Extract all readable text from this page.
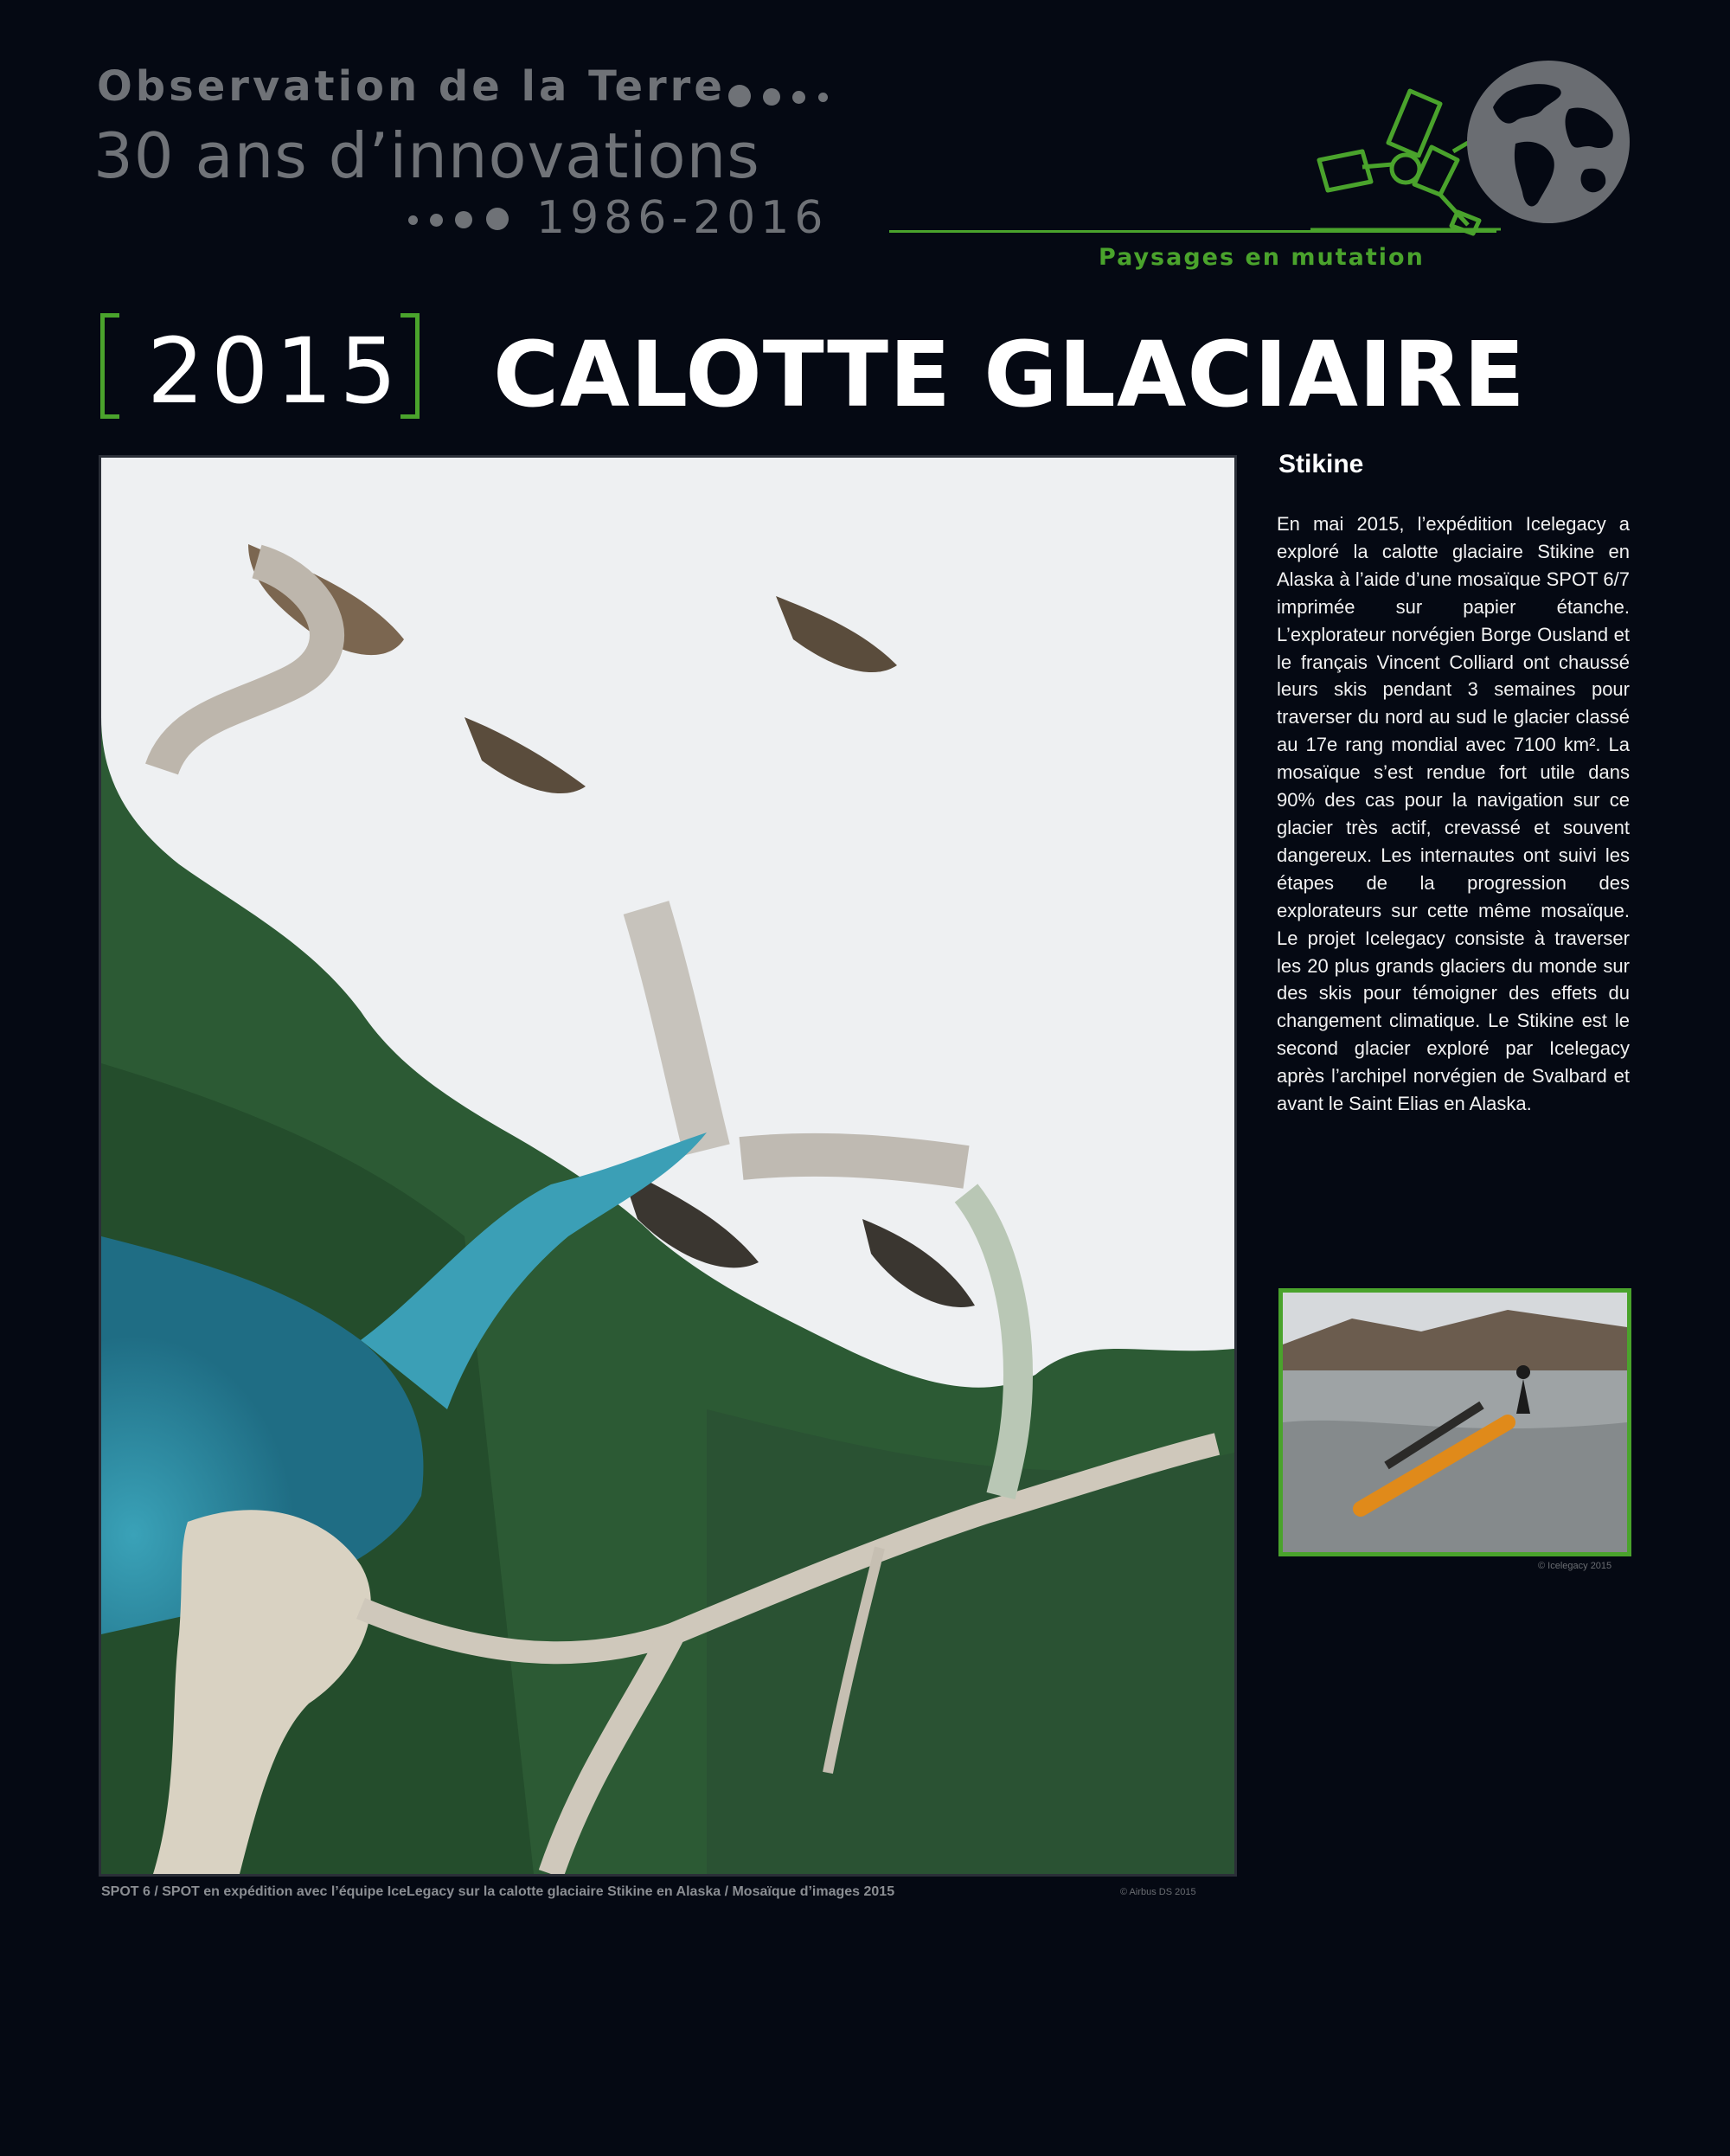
Observation de la Terre
30 ans d’innovations
1986-2016
Paysages en mutation
2015 CALOTTE GLACIAIRE
SPOT 6 / SPOT en expédition avec l’équipe IceLegacy sur la calotte glaciaire Stikine en Alaska / Mosaïque d’images 2015	© Airbus DS 2015
Stikine
En mai 2015, l’expédition Icelegacy a exploré la calotte glaciaire Stikine en Alaska à l’aide d’une mosaïque SPOT 6/7 imprimée sur papier étanche. L’explorateur norvégien Borge Ousland et le français Vincent Colliard ont chaussé leurs skis pendant 3 semaines pour traverser du nord au sud le glacier classé au 17e rang mondial avec 7100 km². La mosaïque s’est rendue fort utile dans 90% des cas pour la navigation sur ce glacier très actif, crevassé et souvent dangereux. Les internautes ont suivi les étapes de la progression des explorateurs sur cette même mosaïque. Le projet Icelegacy consiste à traverser les 20 plus grands glaciers du monde sur des skis pour témoigner des effets du changement climatique. Le Stikine est le second glacier exploré par Icelegacy après l’archipel norvégien de Svalbard et avant le Saint Elias en Alaska.
© Icelegacy 2015
